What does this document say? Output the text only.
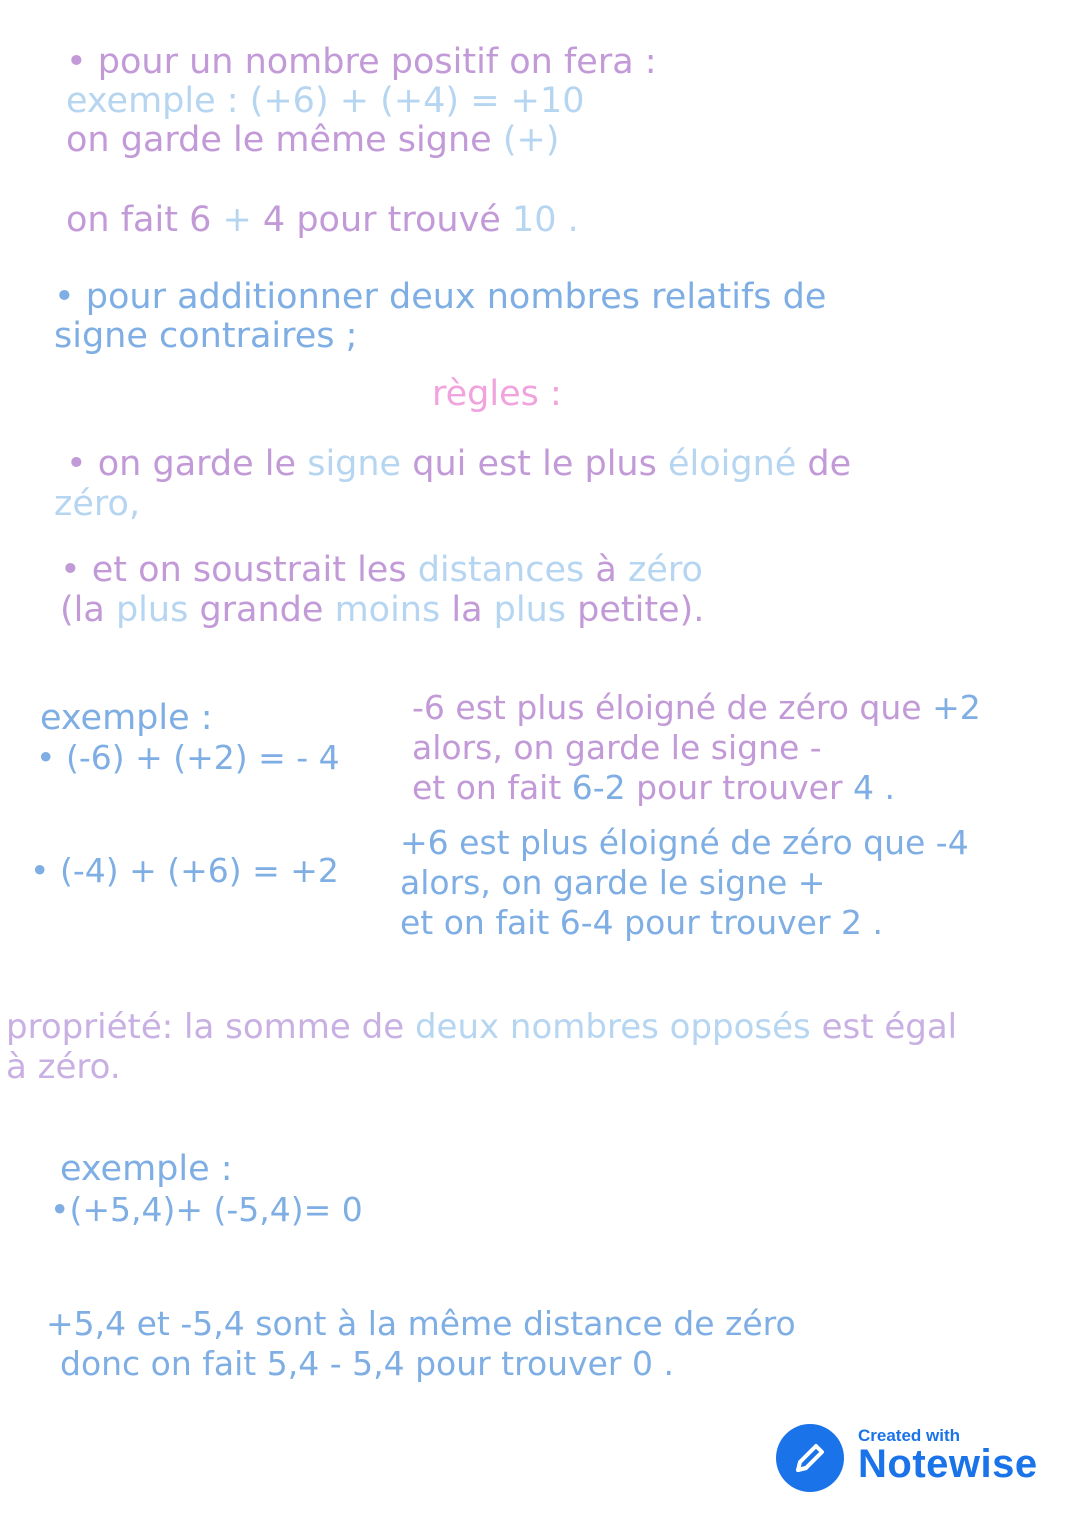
• pour un nombre positif on fera :
exemple : (+6) + (+4) = +10
on garde le même signe (+)
on fait 6 + 4 pour trouvé 10 .
• pour additionner deux nombres relatifs de
signe contraires ;
règles :
• on garde le signe qui est le plus éloigné de
zéro,
• et on soustrait les distances à zéro
(la plus grande moins la plus petite).
exemple :
• (-6) + (+2) = - 4
-6 est plus éloigné de zéro que +2
alors, on garde le signe -
et on fait 6-2 pour trouver 4 .
• (-4) + (+6) = +2
+6 est plus éloigné de zéro que -4
alors, on garde le signe +
et on fait 6-4 pour trouver 2 .
propriété: la somme de deux nombres opposés est égal
à zéro.
exemple :
•(+5,4)+ (-5,4)= 0
+5,4 et -5,4 sont à la même distance de zéro
donc on fait 5,4 - 5,4 pour trouver 0 .
Created with
Notewise
